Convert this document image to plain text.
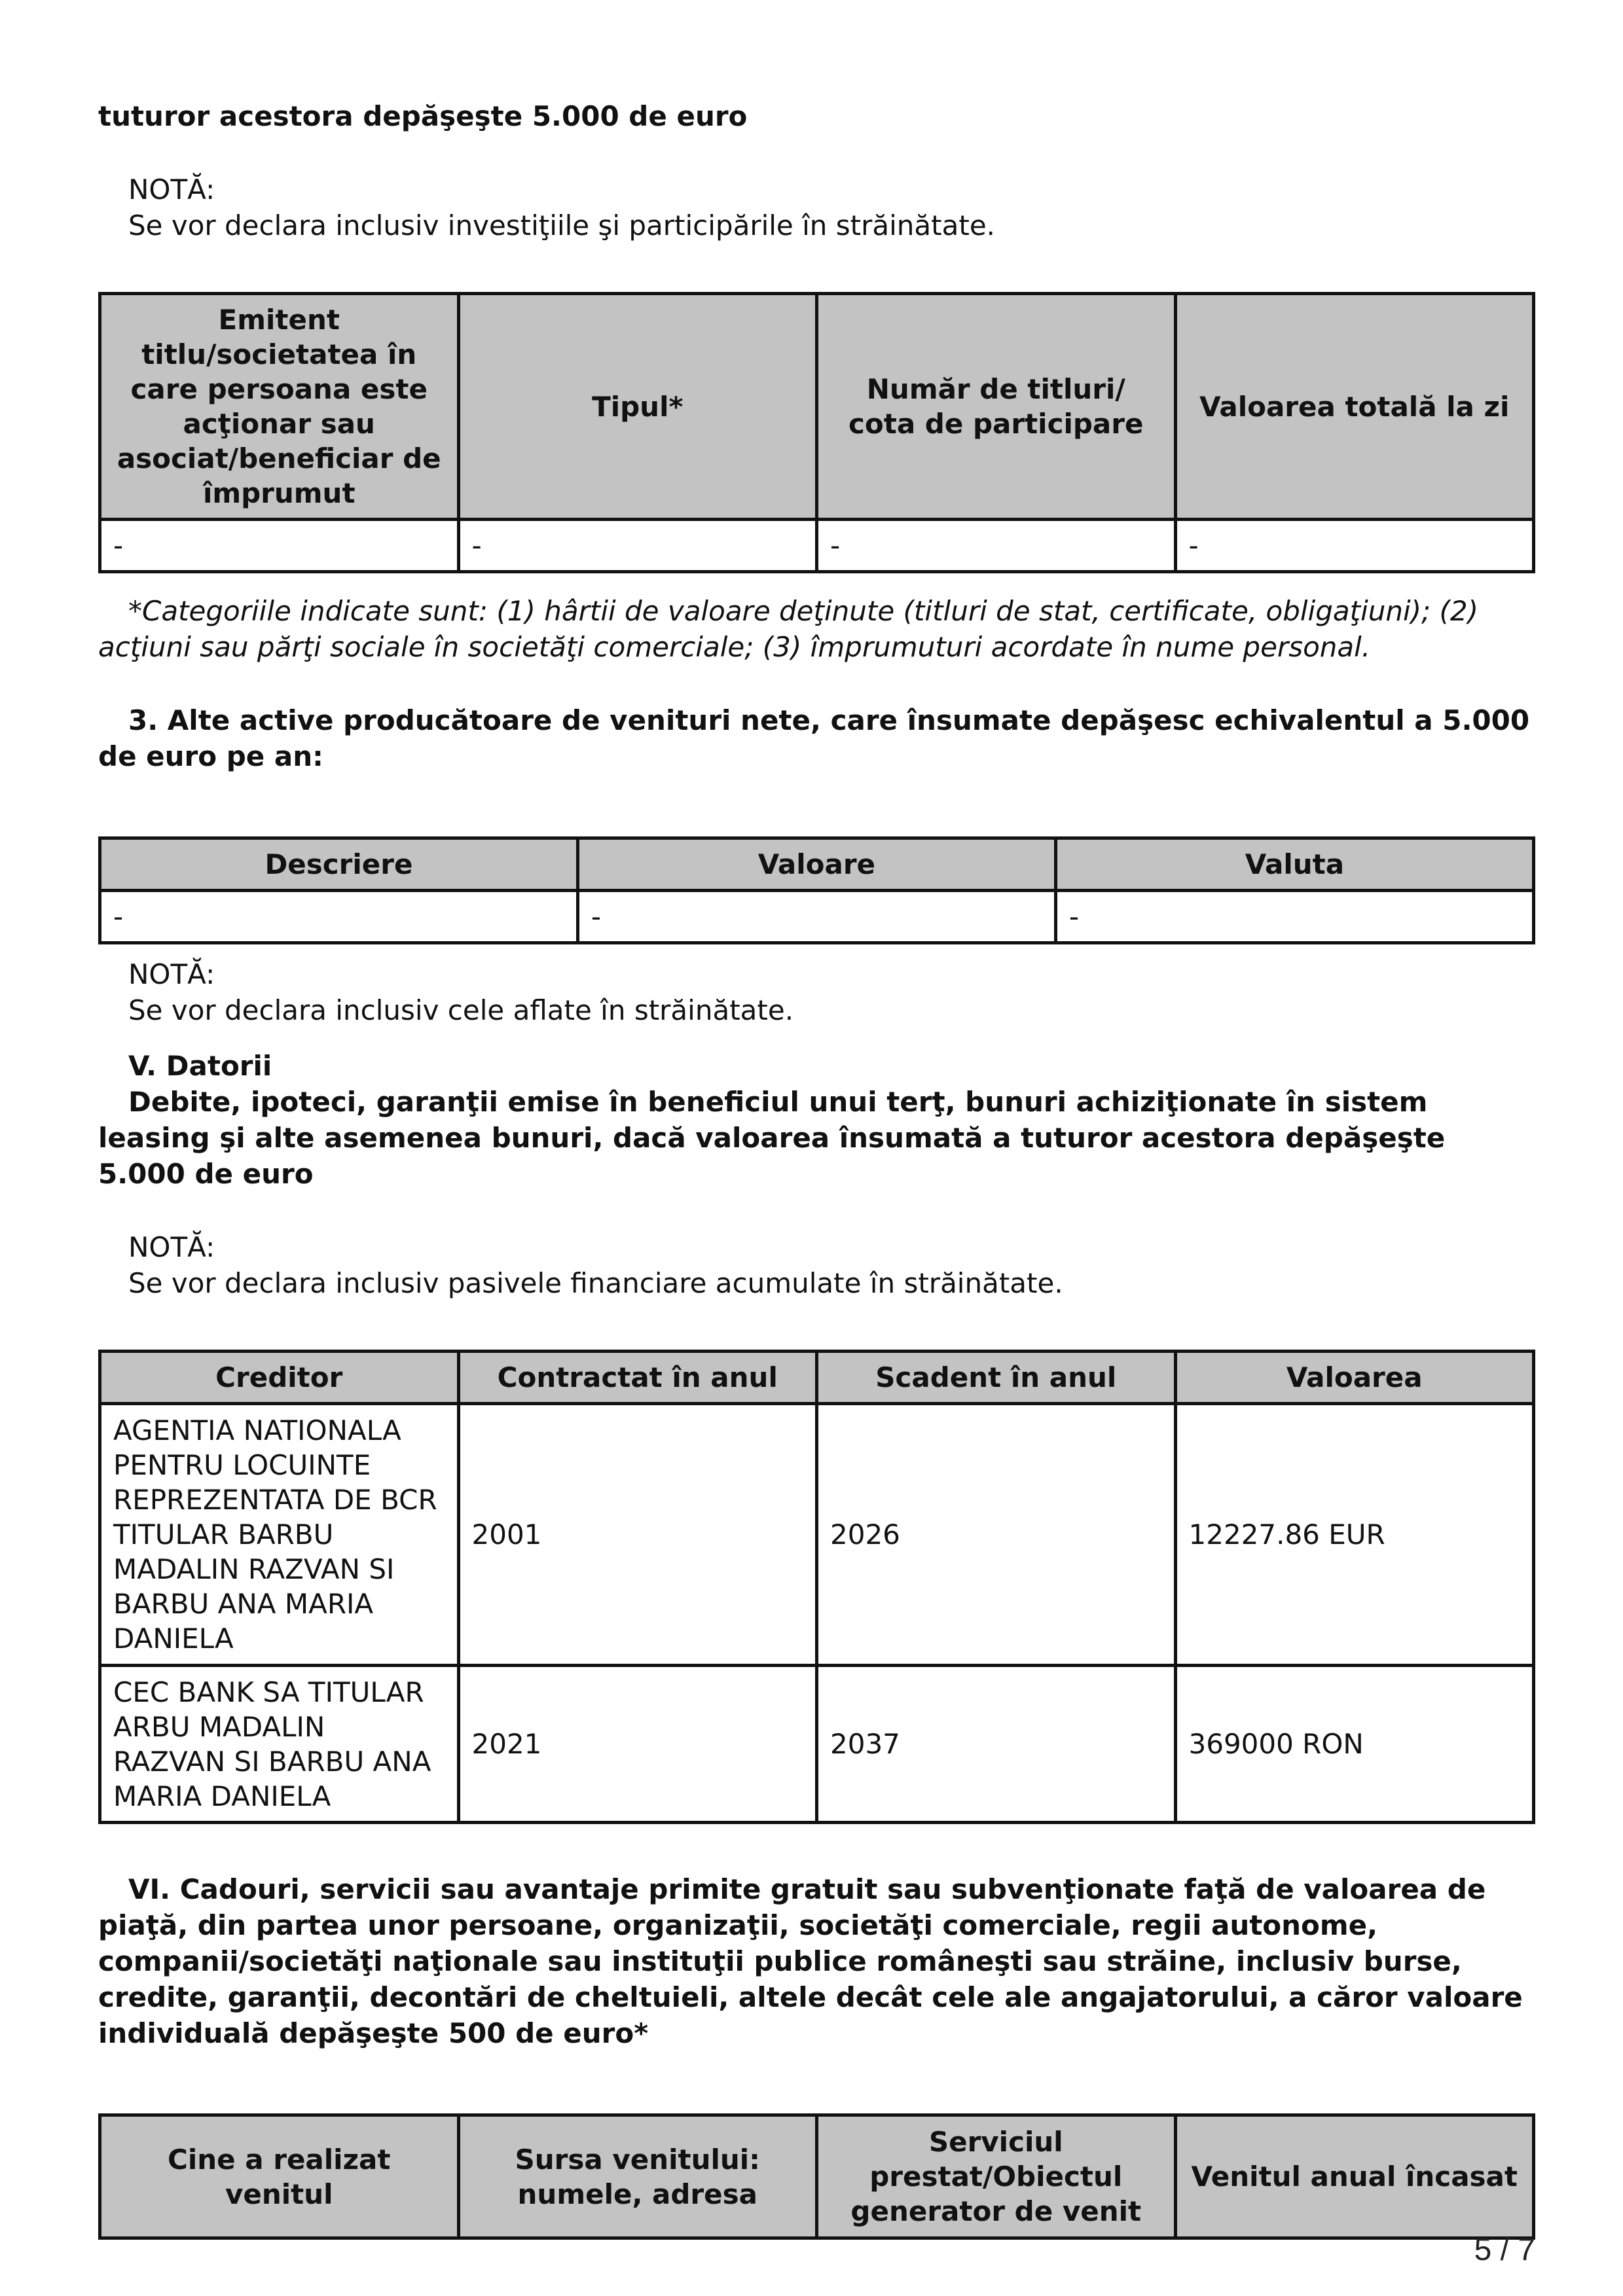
tuturor acestora depăşeşte 5.000 de euro

NOTĂ:

Se vor declara inclusiv investiţiile şi participările în străinătate.

Emitent titlu/societatea în care persoana este acţionar sau asociat/beneficiar de împrumut	Tipul*	Număr de titluri/ cota de participare	Valoarea totală la zi
-	-	-	-

*Categoriile indicate sunt: (1) hârtii de valoare deţinute (titluri de stat, certificate, obligaţiuni); (2) acţiuni sau părţi sociale în societăţi comerciale; (3) împrumuturi acordate în nume personal.

3. Alte active producătoare de venituri nete, care însumate depăşesc echivalentul a 5.000 de euro pe an:

Descriere	Valoare	Valuta
-	-	-

NOTĂ:

Se vor declara inclusiv cele aflate în străinătate.

V. Datorii

Debite, ipoteci, garanţii emise în beneficiul unui terţ, bunuri achiziţionate în sistem leasing şi alte asemenea bunuri, dacă valoarea însumată a tuturor acestora depăşeşte 5.000 de euro

NOTĂ:

Se vor declara inclusiv pasivele financiare acumulate în străinătate.

Creditor	Contractat în anul	Scadent în anul	Valoarea
AGENTIA NATIONALA PENTRU LOCUINTE REPREZENTATA DE BCR TITULAR BARBU MADALIN RAZVAN SI BARBU ANA MARIA DANIELA	2001	2026	12227.86 EUR
CEC BANK SA TITULAR ARBU MADALIN RAZVAN SI BARBU ANA MARIA DANIELA	2021	2037	369000 RON

VI. Cadouri, servicii sau avantaje primite gratuit sau subvenţionate faţă de valoarea de piaţă, din partea unor persoane, organizaţii, societăţi comerciale, regii autonome, companii/societăţi naţionale sau instituţii publice româneşti sau străine, inclusiv burse, credite, garanţii, decontări de cheltuieli, altele decât cele ale angajatorului, a căror valoare individuală depăşeşte 500 de euro*

Cine a realizat venitul	Sursa venitului: numele, adresa	Serviciul prestat/Obiectul generator de venit	Venitul anual încasat
5 / 7
